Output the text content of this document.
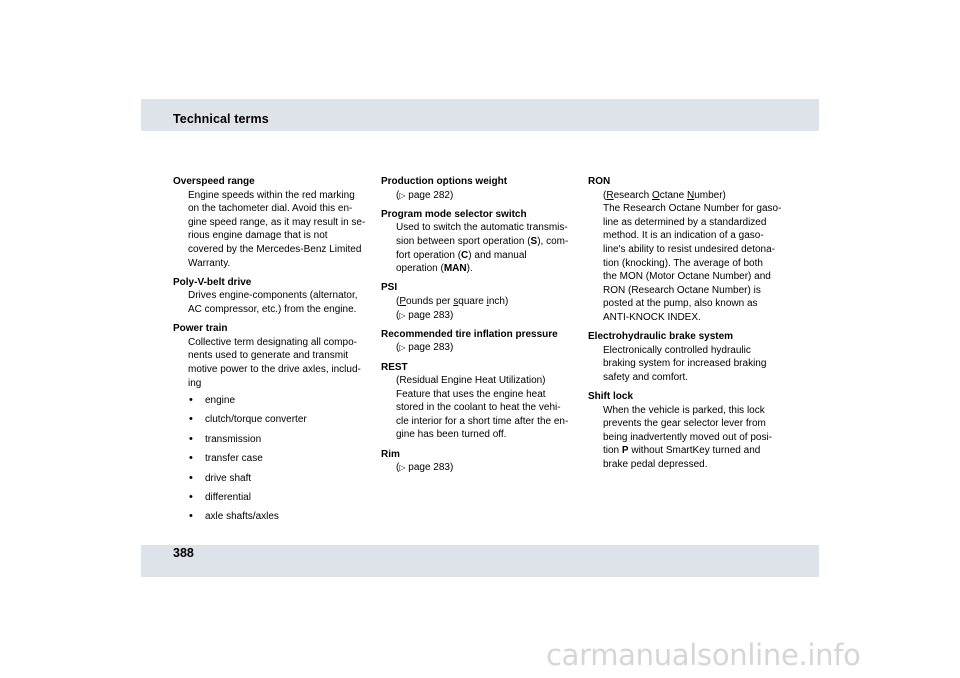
Technical terms
Overspeed range
Engine speeds within the red marking
on the tachometer dial. Avoid this en-
gine speed range, as it may result in se-
rious engine damage that is not
covered by the Mercedes-Benz Limited
Warranty.
Poly-V-belt drive
Drives engine-components (alternator,
AC compressor, etc.) from the engine.
Power train
Collective term designating all compo-
nents used to generate and transmit
motive power to the drive axles, includ-
ing
• engine
• clutch/torque converter
• transmission
• transfer case
• drive shaft
• differential
• axle shafts/axles
Production options weight
(▷ page 282)
Program mode selector switch
Used to switch the automatic transmis-
sion between sport operation (S), com-
fort operation (C) and manual
operation (MAN).
PSI
(Pounds per square inch)
(▷ page 283)
Recommended tire inflation pressure
(▷ page 283)
REST
(Residual Engine Heat Utilization)
Feature that uses the engine heat
stored in the coolant to heat the vehi-
cle interior for a short time after the en-
gine has been turned off.
Rim
(▷ page 283)
RON
(Research Octane Number)
The Research Octane Number for gaso-
line as determined by a standardized
method. It is an indication of a gaso-
line's ability to resist undesired detona-
tion (knocking). The average of both
the MON (Motor Octane Number) and
RON (Research Octane Number) is
posted at the pump, also known as
ANTI-KNOCK INDEX.
Electrohydraulic brake system
Electronically controlled hydraulic
braking system for increased braking
safety and comfort.
Shift lock
When the vehicle is parked, this lock
prevents the gear selector lever from
being inadvertently moved out of posi-
tion P without SmartKey turned and
brake pedal depressed.
388
carmanualsonline.info
